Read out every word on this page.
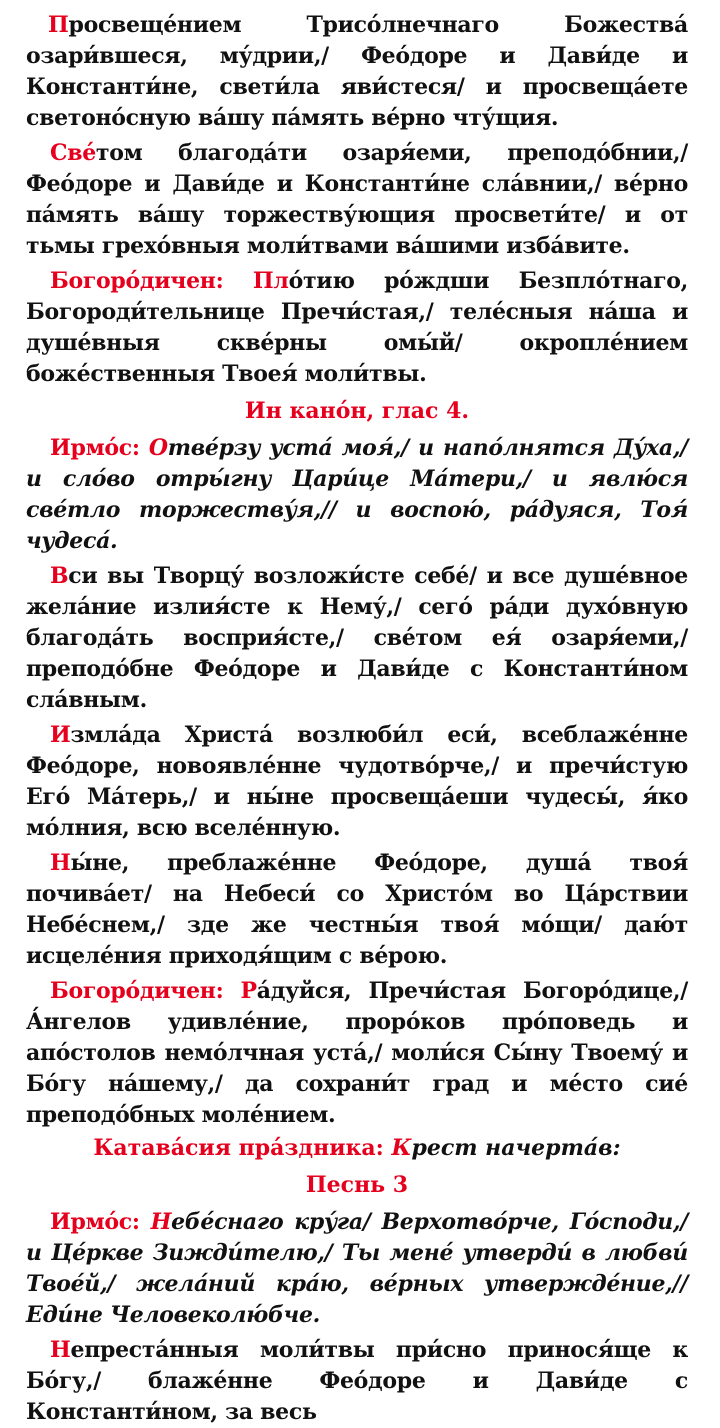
Просвеще́нием Трисо́лнечнаго Божества́ озари́вшеся, му́дрии,/ Фео́доре и Дави́де и Константи́не, свети́ла яви́стеся/ и просвеща́ете светоно́сную ва́шу па́мять ве́рно чту́щия.

Све́том благода́ти озаря́еми, преподо́бнии,/ Фео́доре и Дави́де и Константи́не сла́внии,/ ве́рно па́мять ва́шу торжеству́ющия просвети́те/ и от тьмы грехо́вныя моли́твами ва́шими изба́вите.

Богоро́дичен: Пло́тию ро́ждши Безпло́тнаго, Богороди́тельнице Пречи́стая,/ теле́сныя на́ша и душе́вныя скве́рны омы́й/ окропле́нием боже́ственныя Твоея́ моли́твы.

Ин кано́н, глас 4.

Ирмо́с: Отве́рзу уста́ моя́,/ и напо́лнятся Ду́ха,/ и сло́во отры́гну Цари́це Ма́тери,/ и явлю́ся све́тло торжеству́я,// и воспою́, ра́дуяся, Тоя́ чудеса́.

Вси вы Творцу́ возложи́сте себе́/ и все душе́вное жела́ние излия́сте к Нему́,/ сего́ ра́ди духо́вную благода́ть восприя́сте,/ све́том ея́ озаря́еми,/ преподо́бне Фео́доре и Дави́де с Константи́ном сла́вным.

Измла́да Христа́ возлюби́л еси́, всеблаже́нне Фео́доре, новоявле́нне чудотво́рче,/ и пречи́стую Его́ Ма́терь,/ и ны́не просвеща́еши чудесы́, я́ко мо́лния, всю вселе́нную.

Ны́не, преблаже́нне Фео́доре, душа́ твоя́ почива́ет/ на Небеси́ со Христо́м во Ца́рствии Небе́снем,/ зде же честны́я твоя́ мо́щи/ даю́т исцеле́ния приходя́щим с ве́рою.

Богоро́дичен: Ра́дуйся, Пречи́стая Богоро́дице,/ А́нгелов удивле́ние, проро́ков про́поведь и апо́столов немо́лчная уста́,/ моли́ся Сы́ну Твоему́ и Бо́гу на́шему,/ да сохрани́т град и ме́сто сие́ преподо́бных моле́нием.

Катава́сия пра́здника: Крест начерта́в:
Песнь 3

Ирмо́с: Небе́снаго кру́га/ Верхотво́рче, Го́споди,/ и Це́ркве Зижди́телю,/ Ты мене́ утверди́ в любви́ Твое́й,/ жела́ний кра́ю, ве́рных утвержде́ние,// Еди́не Человеколю́бче.

Непреста́нныя моли́твы при́сно принося́ще к Бо́гу,/ блаже́нне Фео́доре и Дави́де с Константи́ном, за весь
